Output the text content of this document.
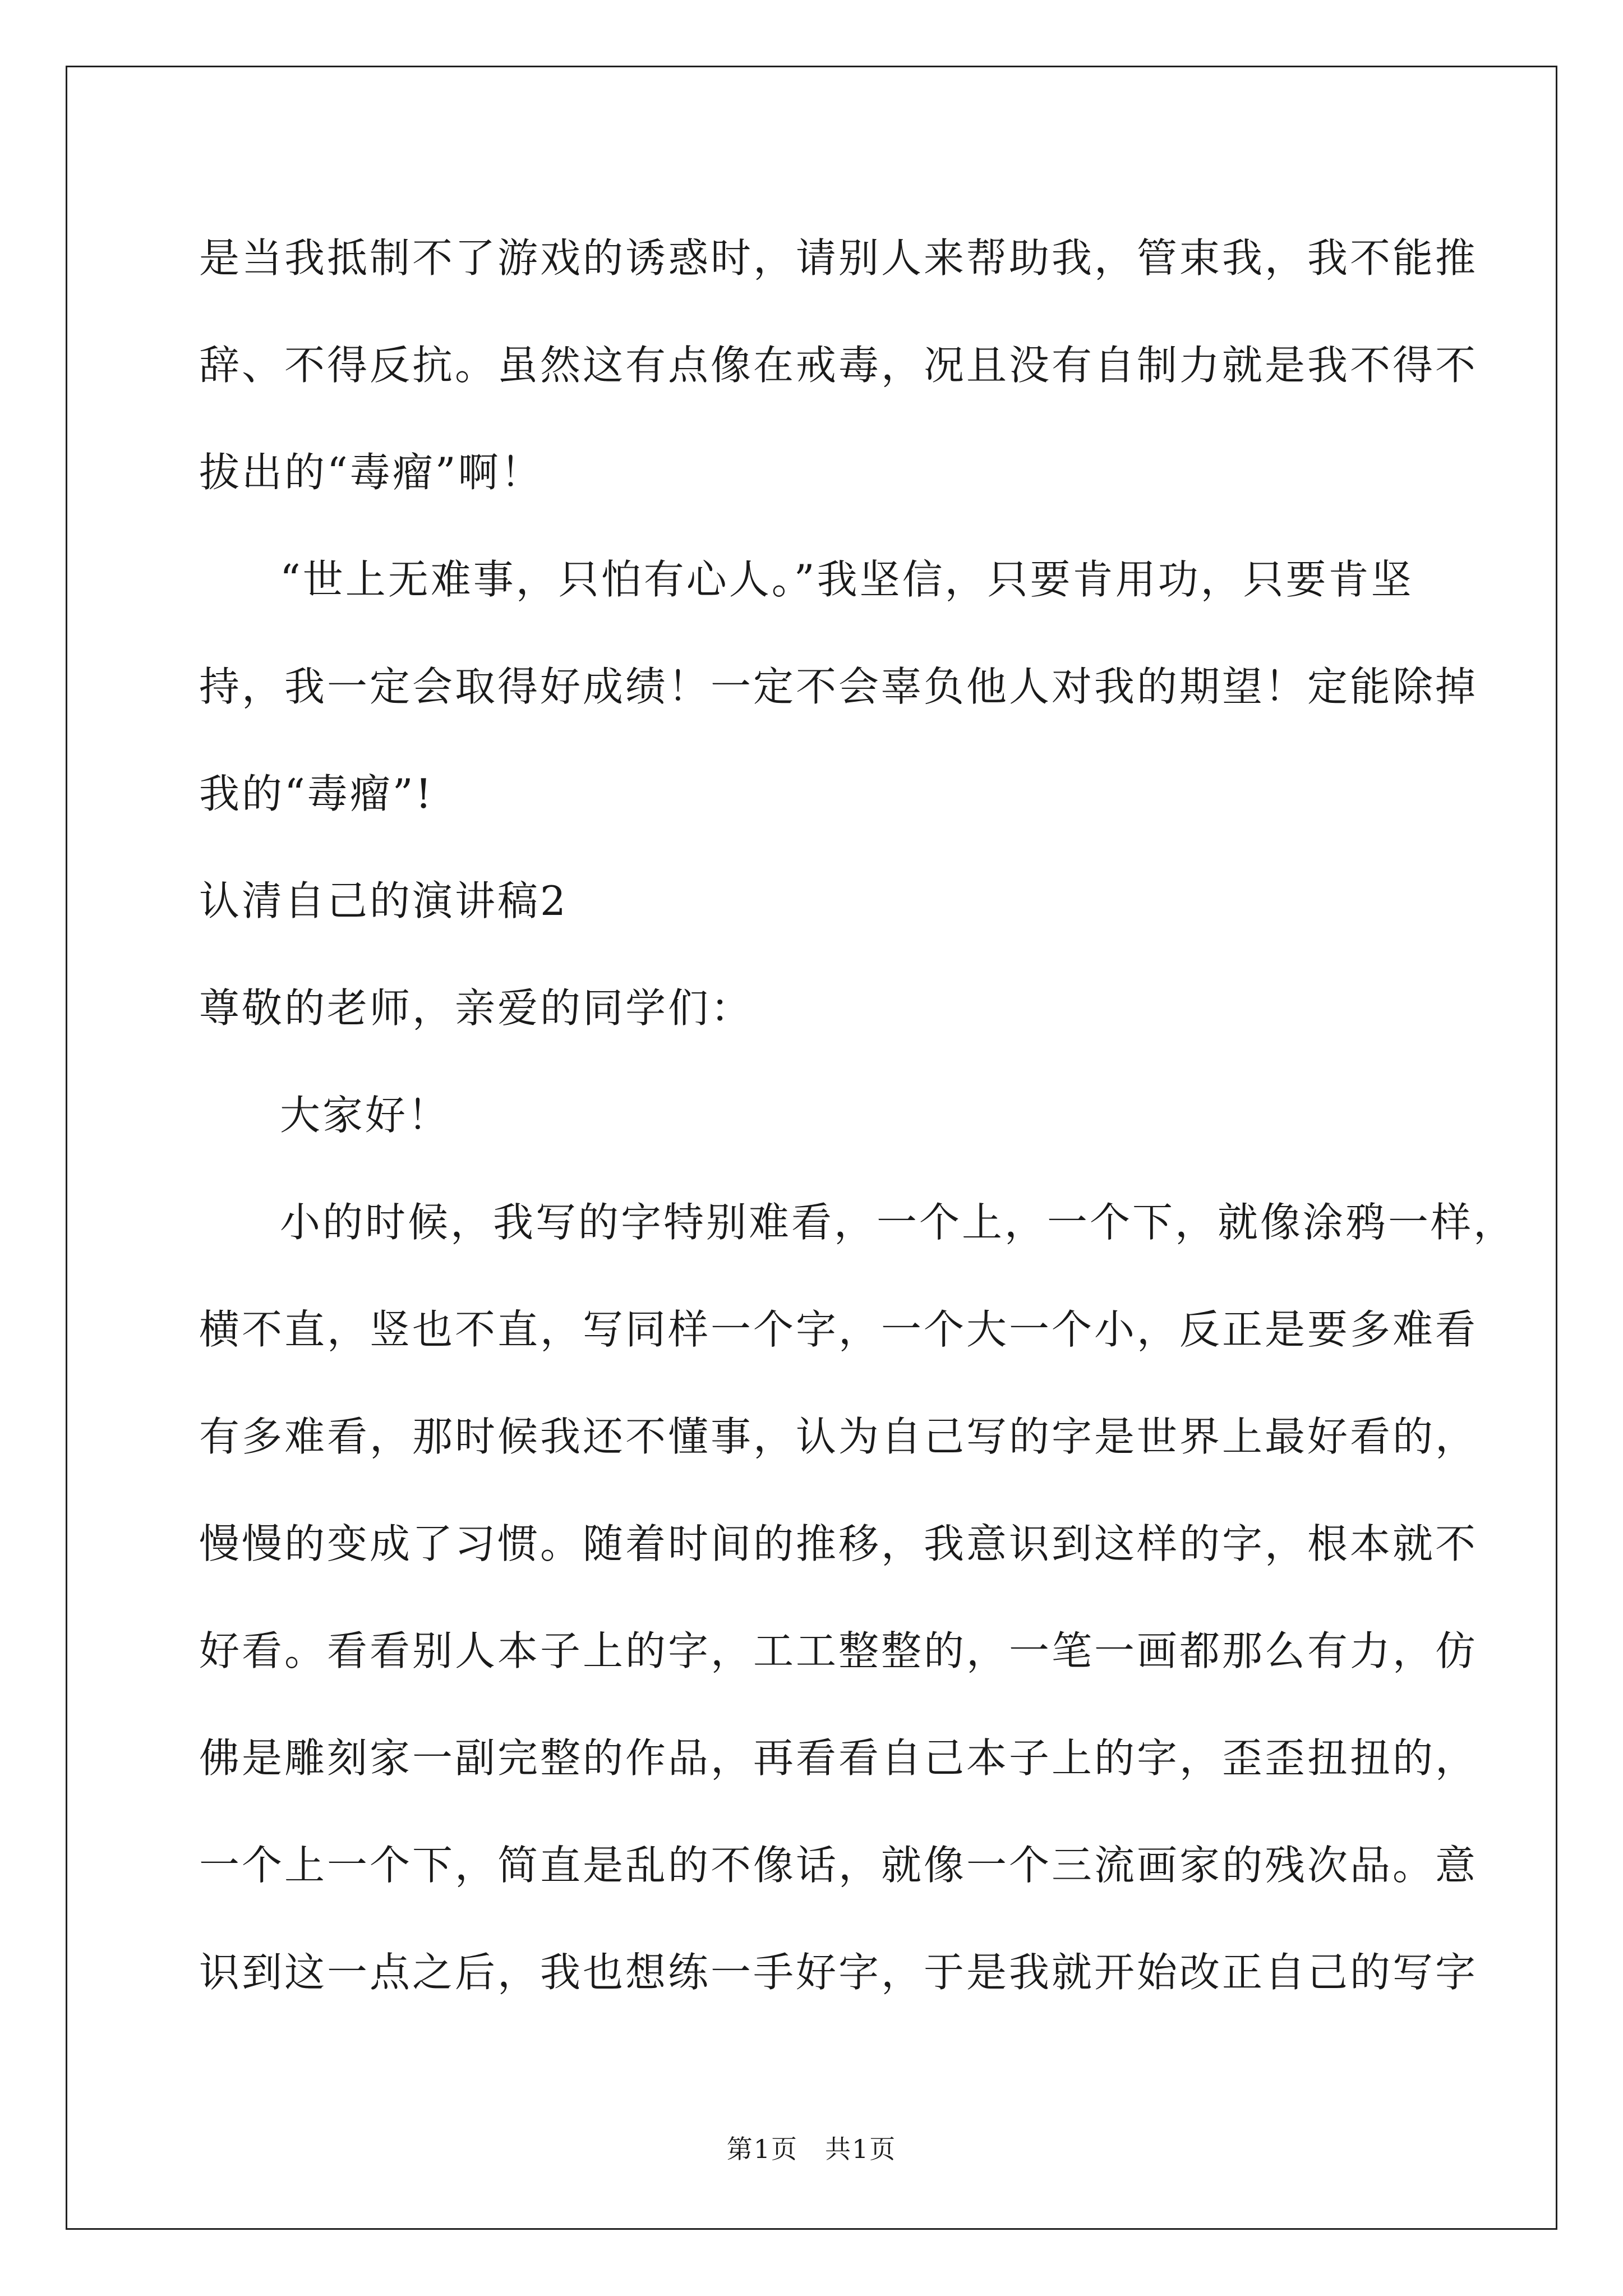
是当我抵制不了游戏的诱惑时，请别人来帮助我，管束我，我不能推
辞、不得反抗。虽然这有点像在戒毒，况且没有自制力就是我不得不
拔出的“毒瘤”啊！
“世上无难事，只怕有心人。”我坚信，只要肯用功，只要肯坚
持，我一定会取得好成绩！一定不会辜负他人对我的期望！定能除掉
我的“毒瘤”!
认清自己的演讲稿2
尊敬的老师，亲爱的同学们：
大家好！
小的时候，我写的字特别难看，一个上，一个下，就像涂鸦一样，
横不直，竖也不直，写同样一个字，一个大一个小，反正是要多难看
有多难看，那时候我还不懂事，认为自己写的字是世界上最好看的，
慢慢的变成了习惯。随着时间的推移，我意识到这样的字，根本就不
好看。看看别人本子上的字，工工整整的，一笔一画都那么有力，仿
佛是雕刻家一副完整的作品，再看看自己本子上的字，歪歪扭扭的，
一个上一个下，简直是乱的不像话，就像一个三流画家的残次品。意
识到这一点之后，我也想练一手好字，于是我就开始改正自己的写字
第1页　共1页
